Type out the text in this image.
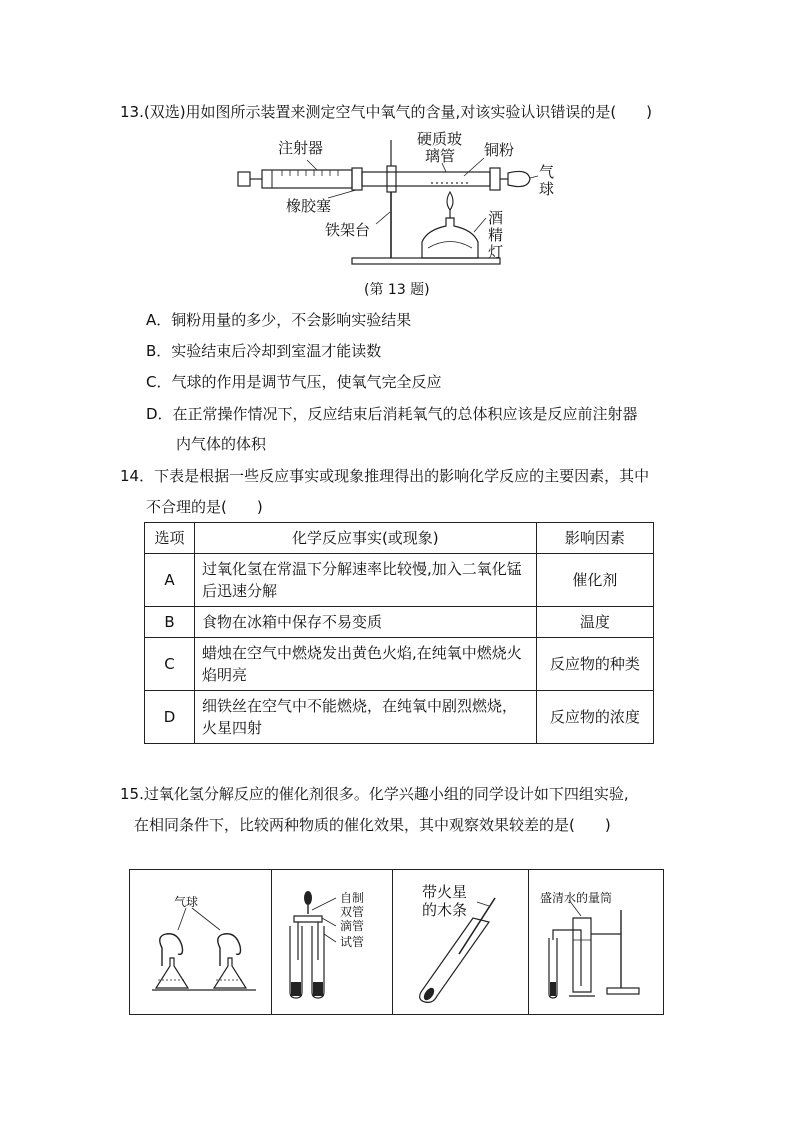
13.(双选)用如图所示装置来测定空气中氧气的含量,对该实验认识错误的是(　　)
注射器	硬质玻
璃管 铜粉
气
球
橡胶塞
铁架台
酒
精
灯
(第 13 题)
A．铜粉用量的多少，不会影响实验结果
B．实验结束后冷却到室温才能读数
C．气球的作用是调节气压，使氧气完全反应
D．在正常操作情况下，反应结束后消耗氧气的总体积应该是反应前注射器
内气体的体积
14．下表是根据一些反应事实或现象推理得出的影响化学反应的主要因素，其中
不合理的是(　　)
选项	化学反应事实(或现象)	影响因素
A	过氧化氢在常温下分解速率比较慢,加入二氧化锰后迅速分解	催化剂
B	食物在冰箱中保存不易变质	温度
C	蜡烛在空气中燃烧发出黄色火焰,在纯氧中燃烧火焰明亮	反应物的种类
D	细铁丝在空气中不能燃烧，在纯氧中剧烈燃烧，火星四射	反应物的浓度
15.过氧化氢分解反应的催化剂很多。化学兴趣小组的同学设计如下四组实验,
在相同条件下，比较两种物质的催化效果，其中观察效果较差的是(　　)
气球	自制
双管
滴管
试管
带火星
的木条
盛清水的量筒
